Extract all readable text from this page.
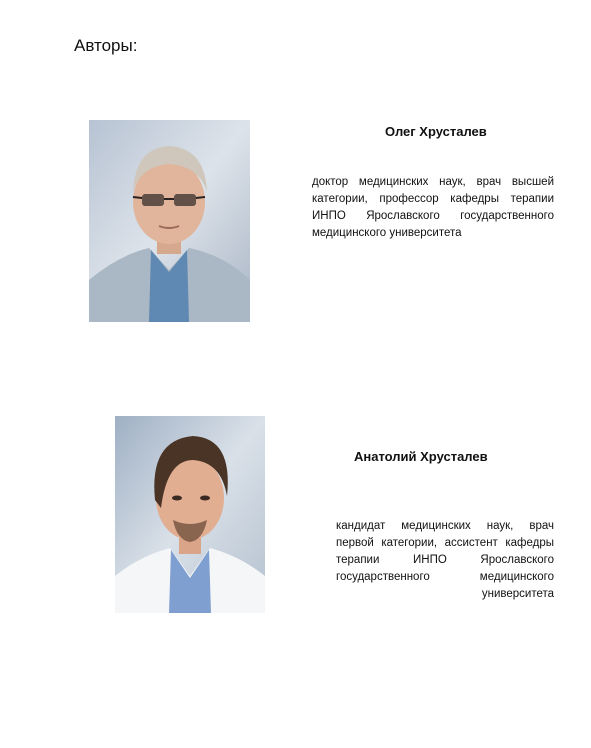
Авторы:
Олег Хрусталев

доктор медицинских наук, врач высшей категории, профессор кафедры терапии ИНПО Ярославского государственного медицинского университета

Анатолий Хрусталев

кандидат медицинских наук, врач первой категории, ассистент кафедры терапии ИНПО Ярославского государственного медицинского университета
